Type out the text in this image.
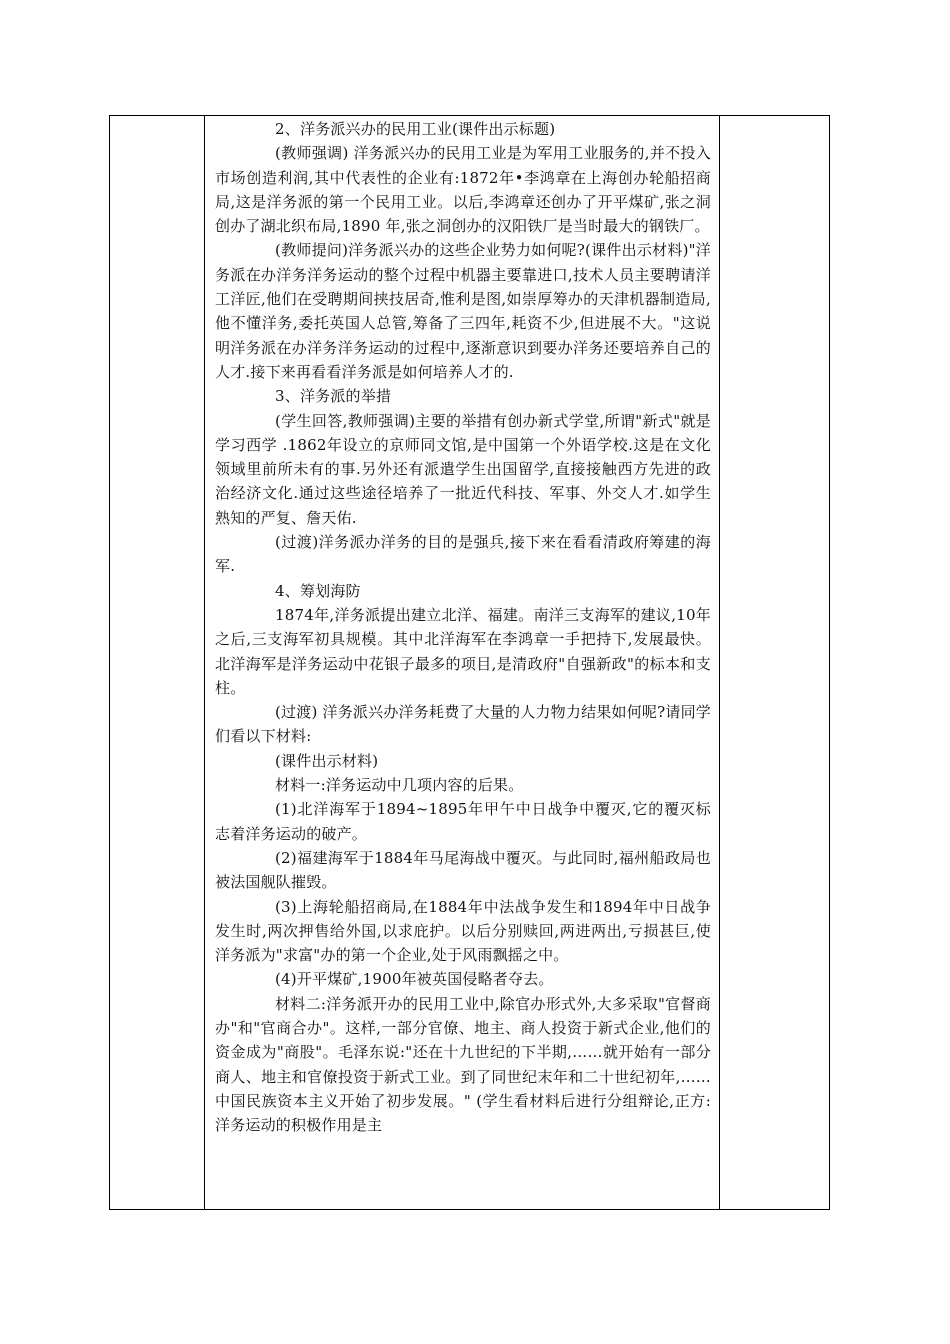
2、洋务派兴办的民用工业(课件出示标题)

(教师强调) 洋务派兴办的民用工业是为军用工业服务的,并不投入市场创造利润,其中代表性的企业有:1872年•李鸿章在上海创办轮船招商局,这是洋务派的第一个民用工业。以后,李鸿章还创办了开平煤矿,张之洞创办了湖北织布局,1890 年,张之洞创办的汉阳铁厂是当时最大的钢铁厂。

(教师提问)洋务派兴办的这些企业势力如何呢?(课件出示材料)"洋务派在办洋务洋务运动的整个过程中机器主要靠进口,技术人员主要聘请洋工洋匠,他们在受聘期间挟技居奇,惟利是图,如崇厚筹办的天津机器制造局,他不懂洋务,委托英国人总管,筹备了三四年,耗资不少,但进展不大。"这说明洋务派在办洋务洋务运动的过程中,逐渐意识到要办洋务还要培养自己的人才.接下来再看看洋务派是如何培养人才的.

3、洋务派的举措

(学生回答,教师强调)主要的举措有创办新式学堂,所谓"新式"就是学习西学 .1862年设立的京师同文馆,是中国第一个外语学校.这是在文化领域里前所未有的事.另外还有派遣学生出国留学,直接接触西方先进的政治经济文化.通过这些途径培养了一批近代科技、军事、外交人才.如学生熟知的严复、詹天佑.

(过渡)洋务派办洋务的目的是强兵,接下来在看看清政府筹建的海军.

4、筹划海防

1874年,洋务派提出建立北洋、福建。南洋三支海军的建议,10年之后,三支海军初具规模。其中北洋海军在李鸿章一手把持下,发展最快。北洋海军是洋务运动中花银子最多的项目,是清政府"自强新政"的标本和支柱。

(过渡) 洋务派兴办洋务耗费了大量的人力物力结果如何呢?请同学们看以下材料:

(课件出示材料)

材料一:洋务运动中几项内容的后果。

(1)北洋海军于1894~1895年甲午中日战争中覆灭,它的覆灭标志着洋务运动的破产。

(2)福建海军于1884年马尾海战中覆灭。与此同时,福州船政局也被法国舰队摧毁。

(3)上海轮船招商局,在1884年中法战争发生和1894年中日战争发生时,两次押售给外国,以求庇护。以后分别赎回,两进两出,亏损甚巨,使洋务派为"求富"办的第一个企业,处于风雨飘摇之中。

(4)开平煤矿,1900年被英国侵略者夺去。

材料二:洋务派开办的民用工业中,除官办形式外,大多采取"官督商办"和"官商合办"。这样,一部分官僚、地主、商人投资于新式企业,他们的资金成为"商股"。毛泽东说:"还在十九世纪的下半期,……就开始有一部分商人、地主和官僚投资于新式工业。到了同世纪末年和二十世纪初年,……中国民族资本主义开始了初步发展。" (学生看材料后进行分组辩论,正方:洋务运动的积极作用是主
